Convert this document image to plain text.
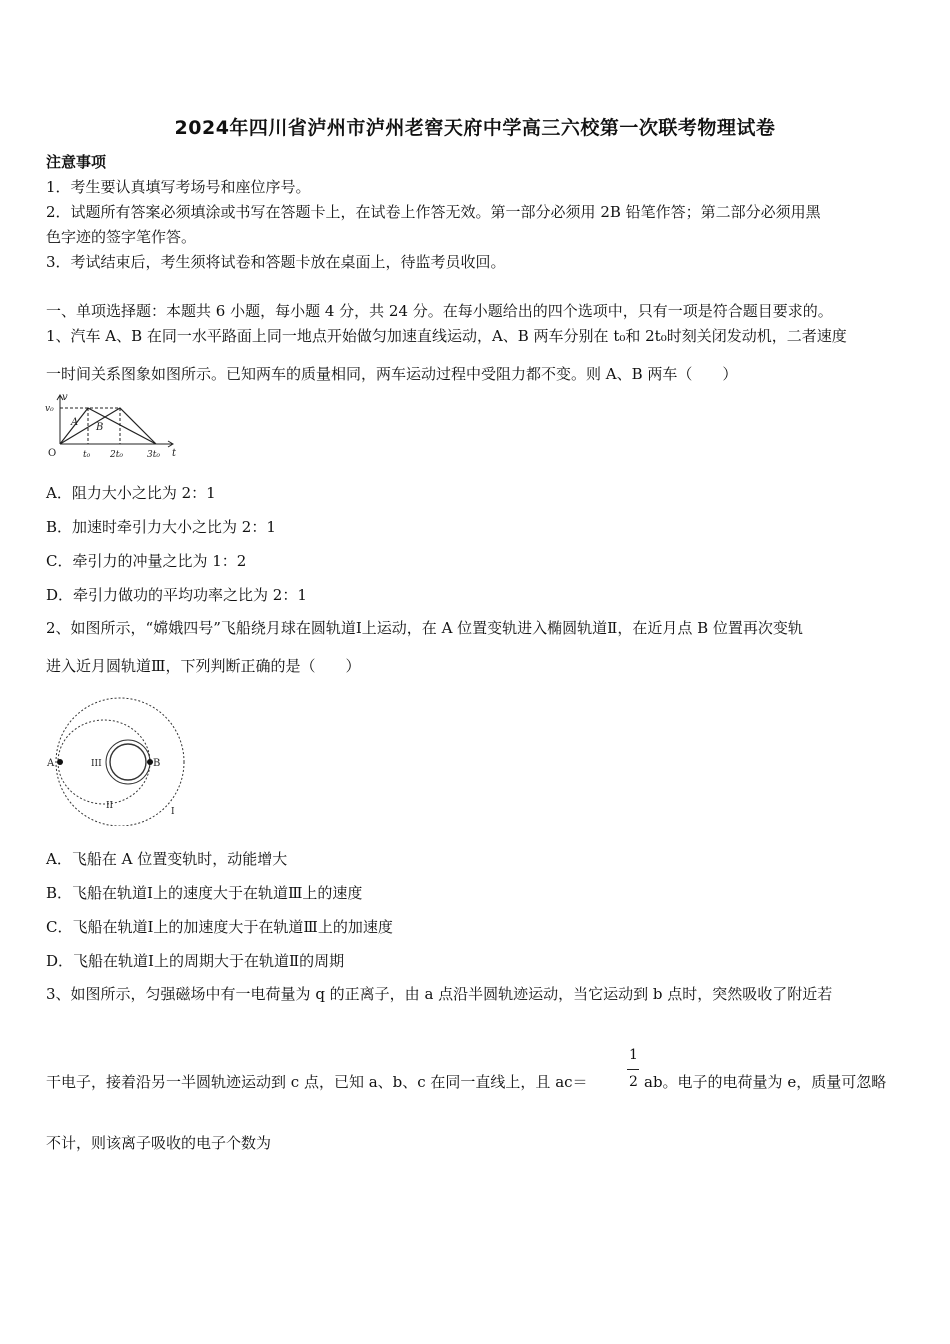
2024年四川省泸州市泸州老窖天府中学高三六校第一次联考物理试卷
注意事项
1．考生要认真填写考场号和座位序号。
2．试题所有答案必须填涂或书写在答题卡上，在试卷上作答无效。第一部分必须用 2B 铅笔作答；第二部分必须用黑
色字迹的签字笔作答。
3．考试结束后，考生须将试卷和答题卡放在桌面上，待监考员收回。
一、单项选择题：本题共 6 小题，每小题 4 分，共 24 分。在每小题给出的四个选项中，只有一项是符合题目要求的。
1、汽车 A、B 在同一水平路面上同一地点开始做匀加速直线运动，A、B 两车分别在 t₀和 2t₀时刻关闭发动机，二者速度
一时间关系图象如图所示。已知两车的质量相同，两车运动过程中受阻力都不变。则 A、B 两车（　　）
v
v₀
O	t₀ 2t₀	3t₀ t
A B
A．阻力大小之比为 2：1
B．加速时牵引力大小之比为 2：1
C．牵引力的冲量之比为 1：2
D．牵引力做功的平均功率之比为 2：1
2、如图所示，“嫦娥四号”飞船绕月球在圆轨道Ⅰ上运动，在 A 位置变轨进入椭圆轨道Ⅱ，在近月点 B 位置再次变轨
进入近月圆轨道Ⅲ，下列判断正确的是（　　）
A	B
III
II
I
A．飞船在 A 位置变轨时，动能增大
B．飞船在轨道Ⅰ上的速度大于在轨道Ⅲ上的速度
C．飞船在轨道Ⅰ上的加速度大于在轨道Ⅲ上的加速度
D．飞船在轨道Ⅰ上的周期大于在轨道Ⅱ的周期
3、如图所示，匀强磁场中有一电荷量为 q 的正离子，由 a 点沿半圆轨迹运动，当它运动到 b 点时，突然吸收了附近若
干电子，接着沿另一半圆轨迹运动到 c 点，已知 a、b、c 在同一直线上，且 ac＝
1
2 ab。电子的电荷量为 e，质量可忽略
不计，则该离子吸收的电子个数为
